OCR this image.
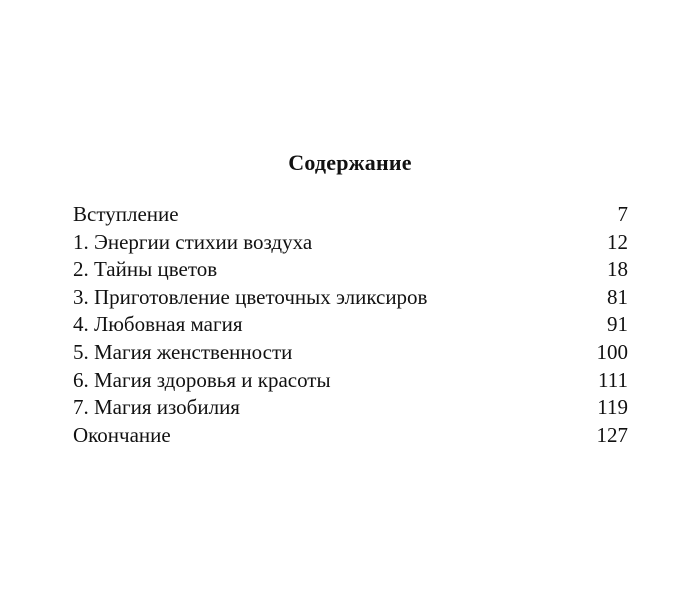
Содержание
Вступление	7
1. Энергии стихии воздуха	12
2. Тайны цветов	18
3. Приготовление цветочных эликсиров	81
4. Любовная магия	91
5. Магия женственности	100
6. Магия здоровья и красоты	111
7. Магия изобилия	119
Окончание	127
